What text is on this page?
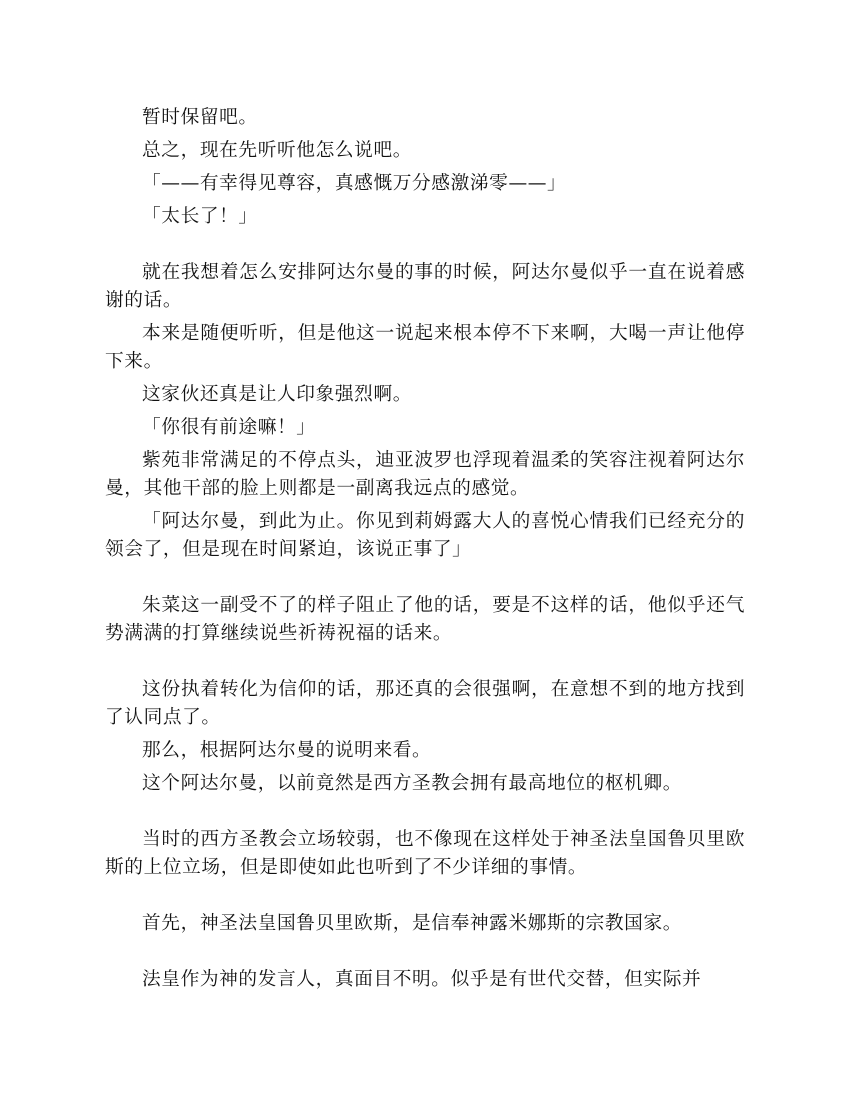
暂时保留吧。

总之，现在先听听他怎么说吧。

「——有幸得见尊容，真感慨万分感激涕零——」

「太长了！」

就在我想着怎么安排阿达尔曼的事的时候，阿达尔曼似乎一直在说着感谢的话。

本来是随便听听，但是他这一说起来根本停不下来啊，大喝一声让他停下来。

这家伙还真是让人印象强烈啊。

「你很有前途嘛！」

紫苑非常满足的不停点头，迪亚波罗也浮现着温柔的笑容注视着阿达尔曼，其他干部的脸上则都是一副离我远点的感觉。

「阿达尔曼，到此为止。你见到莉姆露大人的喜悦心情我们已经充分的领会了，但是现在时间紧迫，该说正事了」

朱菜这一副受不了的样子阻止了他的话，要是不这样的话，他似乎还气势满满的打算继续说些祈祷祝福的话来。

这份执着转化为信仰的话，那还真的会很强啊，在意想不到的地方找到了认同点了。

那么，根据阿达尔曼的说明来看。

这个阿达尔曼，以前竟然是西方圣教会拥有最高地位的枢机卿。

当时的西方圣教会立场较弱，也不像现在这样处于神圣法皇国鲁贝里欧斯的上位立场，但是即使如此也听到了不少详细的事情。

首先，神圣法皇国鲁贝里欧斯，是信奉神露米娜斯的宗教国家。

法皇作为神的发言人，真面目不明。似乎是有世代交替，但实际并
